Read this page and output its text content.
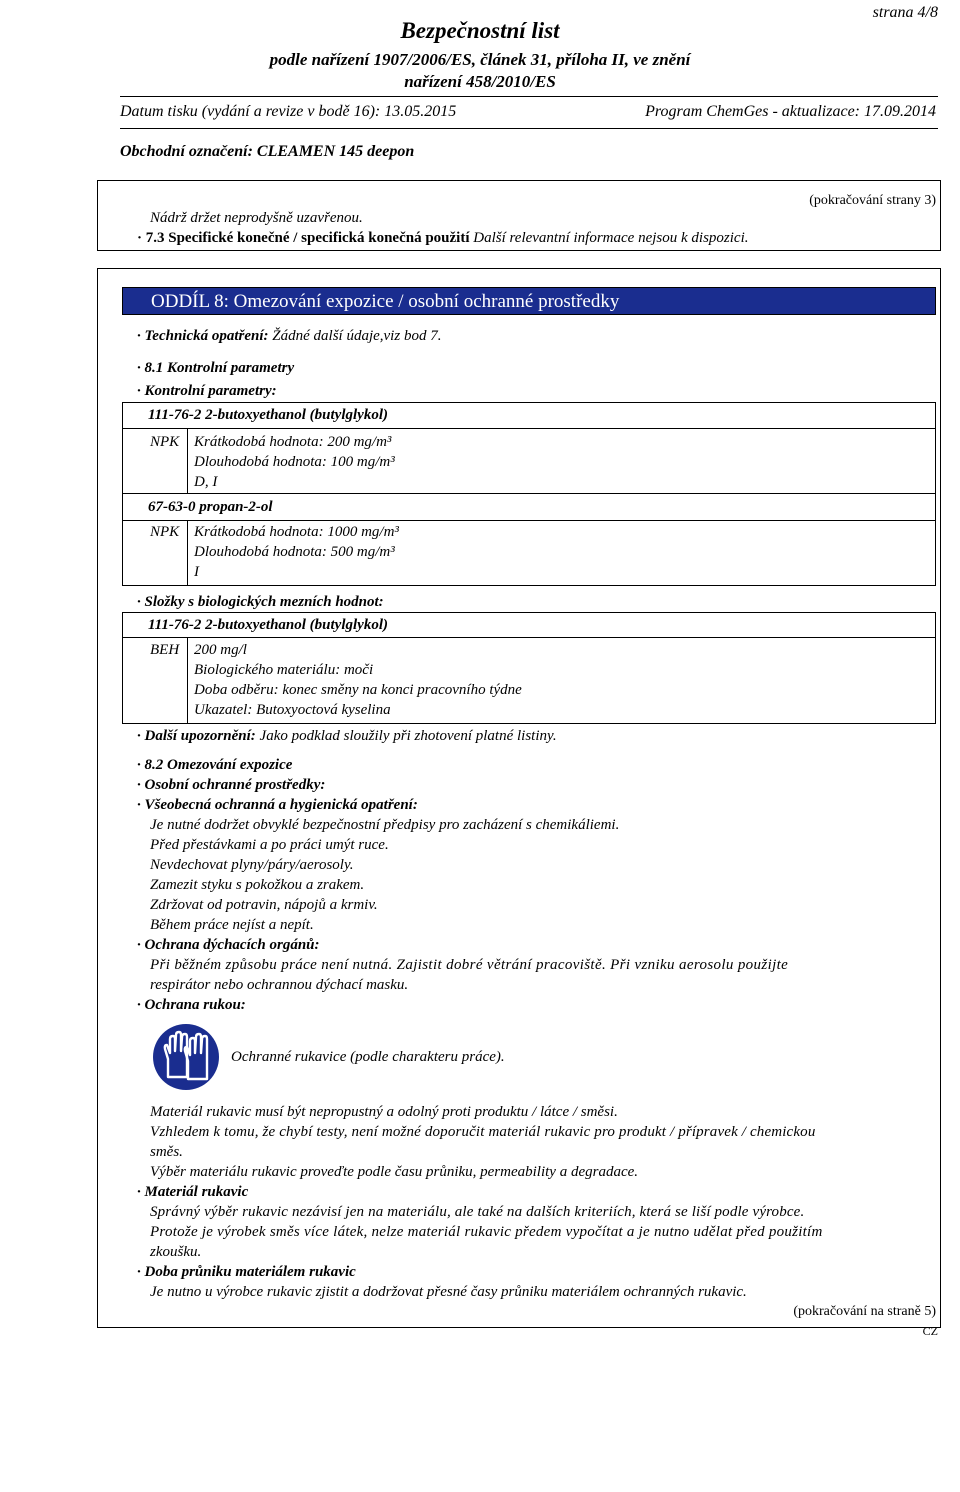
strana 4/8
Bezpečnostní list
podle nařízení 1907/2006/ES, článek 31, příloha II, ve znění
nařízení 458/2010/ES
Datum tisku (vydání a revize v bodě 16): 13.05.2015	Program ChemGes - aktualizace: 17.09.2014
Obchodní označení: CLEAMEN 145 deepon
(pokračování strany 3)
Nádrž držet neprodyšně uzavřenou.
· 7.3 Specifické konečné / specifická konečná použití Další relevantní informace nejsou k dispozici.
ODDÍL 8: Omezování expozice / osobní ochranné prostředky
· Technická opatření: Žádné další údaje,viz bod 7.
· 8.1 Kontrolní parametry
· Kontrolní parametry:
111-76-2 2-butoxyethanol (butylglykol)
NPK Krátkodobá hodnota: 200 mg/m³
Dlouhodobá hodnota: 100 mg/m³
D, I
67-63-0 propan-2-ol
NPK Krátkodobá hodnota: 1000 mg/m³
Dlouhodobá hodnota: 500 mg/m³
I
· Složky s biologických mezních hodnot:
111-76-2 2-butoxyethanol (butylglykol)
BEH 200 mg/l
Biologického materiálu: moči
Doba odběru: konec směny na konci pracovního týdne
Ukazatel: Butoxyoctová kyselina
· Další upozornění: Jako podklad sloužily při zhotovení platné listiny.
· 8.2 Omezování expozice
· Osobní ochranné prostředky:
· Všeobecná ochranná a hygienická opatření:
Je nutné dodržet obvyklé bezpečnostní předpisy pro zacházení s chemikáliemi.
Před přestávkami a po práci umýt ruce.
Nevdechovat plyny/páry/aerosoly.
Zamezit styku s pokožkou a zrakem.
Zdržovat od potravin, nápojů a krmiv.
Během práce nejíst a nepít.
· Ochrana dýchacích orgánů:
Při běžném způsobu práce není nutná. Zajistit dobré větrání pracoviště. Při vzniku aerosolu použijte
respirátor nebo ochrannou dýchací masku.
· Ochrana rukou:
Ochranné rukavice (podle charakteru práce).
Materiál rukavic musí být nepropustný a odolný proti produktu / látce / směsi.
Vzhledem k tomu, že chybí testy, není možné doporučit materiál rukavic pro produkt / přípravek / chemickou
směs.
Výběr materiálu rukavic proveďte podle času průniku, permeability a degradace.
· Materiál rukavic
Správný výběr rukavic nezávisí jen na materiálu, ale také na dalších kriteriích, která se liší podle výrobce.
Protože je výrobek směs více látek, nelze materiál rukavic předem vypočítat a je nutno udělat před použitím
zkoušku.
· Doba průniku materiálem rukavic
Je nutno u výrobce rukavic zjistit a dodržovat přesné časy průniku materiálem ochranných rukavic.
(pokračování na straně 5)
CZ
